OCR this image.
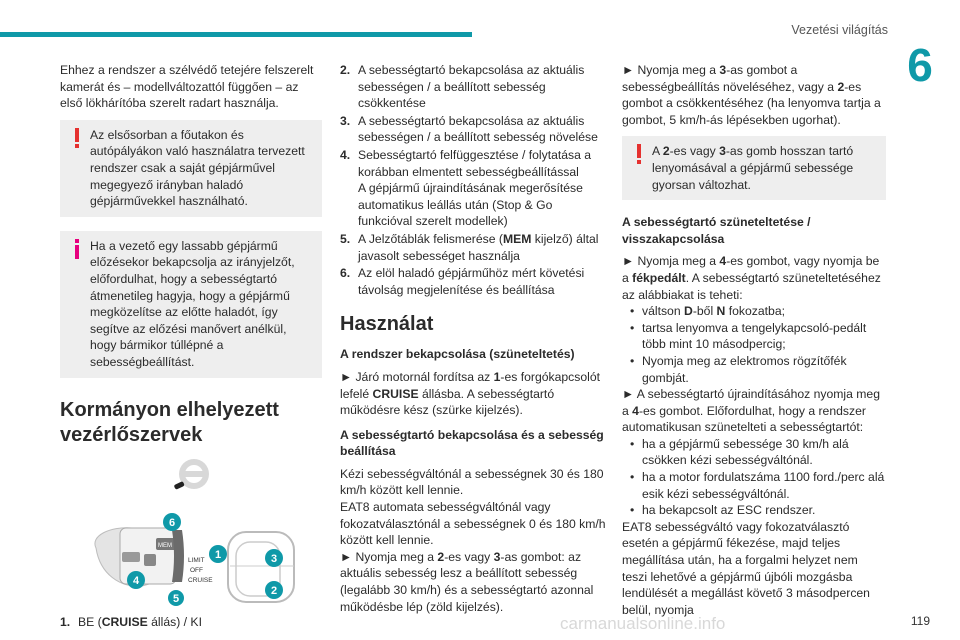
Vezetési világítás
6

Ehhez a rendszer a szélvédő tetejére felszerelt kamerát és – modellváltozattól függően – az első lökhárítóba szerelt radart használja.

Az elsősorban a főutakon és autópályákon való használatra tervezett rendszer csak a saját gépjárművel megegyező irányban haladó gépjárművekkel használható.
Ha a vezető egy lassabb gépjármű előzésekor bekapcsolja az irányjelzőt, előfordulhat, hogy a sebességtartó átmenetileg hagyja, hogy a gépjármű megközelítse az előtte haladót, így segítve az előzési manővert anélkül, hogy bármikor túllépné a sebességbeállítást.
Kormányon elhelyezett vezérlőszervek
MEM
LIMIT
OFF
CRUISE
1
2
3
4
5
6
1. BE (CRUISE állás) / KI
2. A sebességtartó bekapcsolása az aktuális sebességen / a beállított sebesség csökkentése
3. A sebességtartó bekapcsolása az aktuális sebességen / a beállított sebesség növelése
4. Sebességtartó felfüggesztése / folytatása a korábban elmentett sebességbeállítással
A gépjármű újraindításának megerősítése automatikus leállás után (Stop & Go funkcióval szerelt modellek)
5. A Jelzőtáblák felismerése (MEM kijelző) által javasolt sebességet használja
6. Az elöl haladó gépjárműhöz mért követési távolság megjelenítése és beállítása
Használat
A rendszer bekapcsolása (szüneteltetés)

► Járó motornál fordítsa az 1-es forgókapcsolót lefelé CRUISE állásba. A sebességtartó működésre kész (szürke kijelzés).

A sebességtartó bekapcsolása és a sebesség beállítása

Kézi sebességváltónál a sebességnek 30 és 180 km/h között kell lennie.

EAT8 automata sebességváltónál vagy fokozatválasztónál a sebességnek 0 és 180 km/h között kell lennie.

► Nyomja meg a 2-es vagy 3-as gombot: az aktuális sebesség lesz a beállított sebesség (legalább 30 km/h) és a sebességtartó azonnal működésbe lép (zöld kijelzés).

► Nyomja meg a 3-as gombot a sebességbeállítás növeléséhez, vagy a 2-es gombot a csökkentéséhez (ha lenyomva tartja a gombot, 5 km/h-ás lépésekben ugorhat).

A 2-es vagy 3-as gomb hosszan tartó lenyomásával a gépjármű sebessége gyorsan változhat.
A sebességtartó szüneteltetése / visszakapcsolása

► Nyomja meg a 4-es gombot, vagy nyomja be a fékpedált. A sebességtartó szüneteltetéséhez az alábbiakat is teheti:

• váltson D-ből N fokozatba;
• tartsa lenyomva a tengelykapcsoló-pedált több mint 10 másodpercig;
• Nyomja meg az elektromos rögzítőfék gombját.

► A sebességtartó újraindításához nyomja meg a 4-es gombot. Előfordulhat, hogy a rendszer automatikusan szünetelteti a sebességtartót:

• ha a gépjármű sebessége 30 km/h alá csökken kézi sebességváltónál.
• ha a motor fordulatszáma 1100 ford./perc alá esik kézi sebességváltónál.
• ha bekapcsolt az ESC rendszer.

EAT8 sebességváltó vagy fokozatválasztó esetén a gépjármű fékezése, majd teljes megállítása után, ha a forgalmi helyzet nem teszi lehetővé a gépjármű újbóli mozgásba lendülését a megállást követő 3 másodpercen belül, nyomja

carmanualsonline.info	119
